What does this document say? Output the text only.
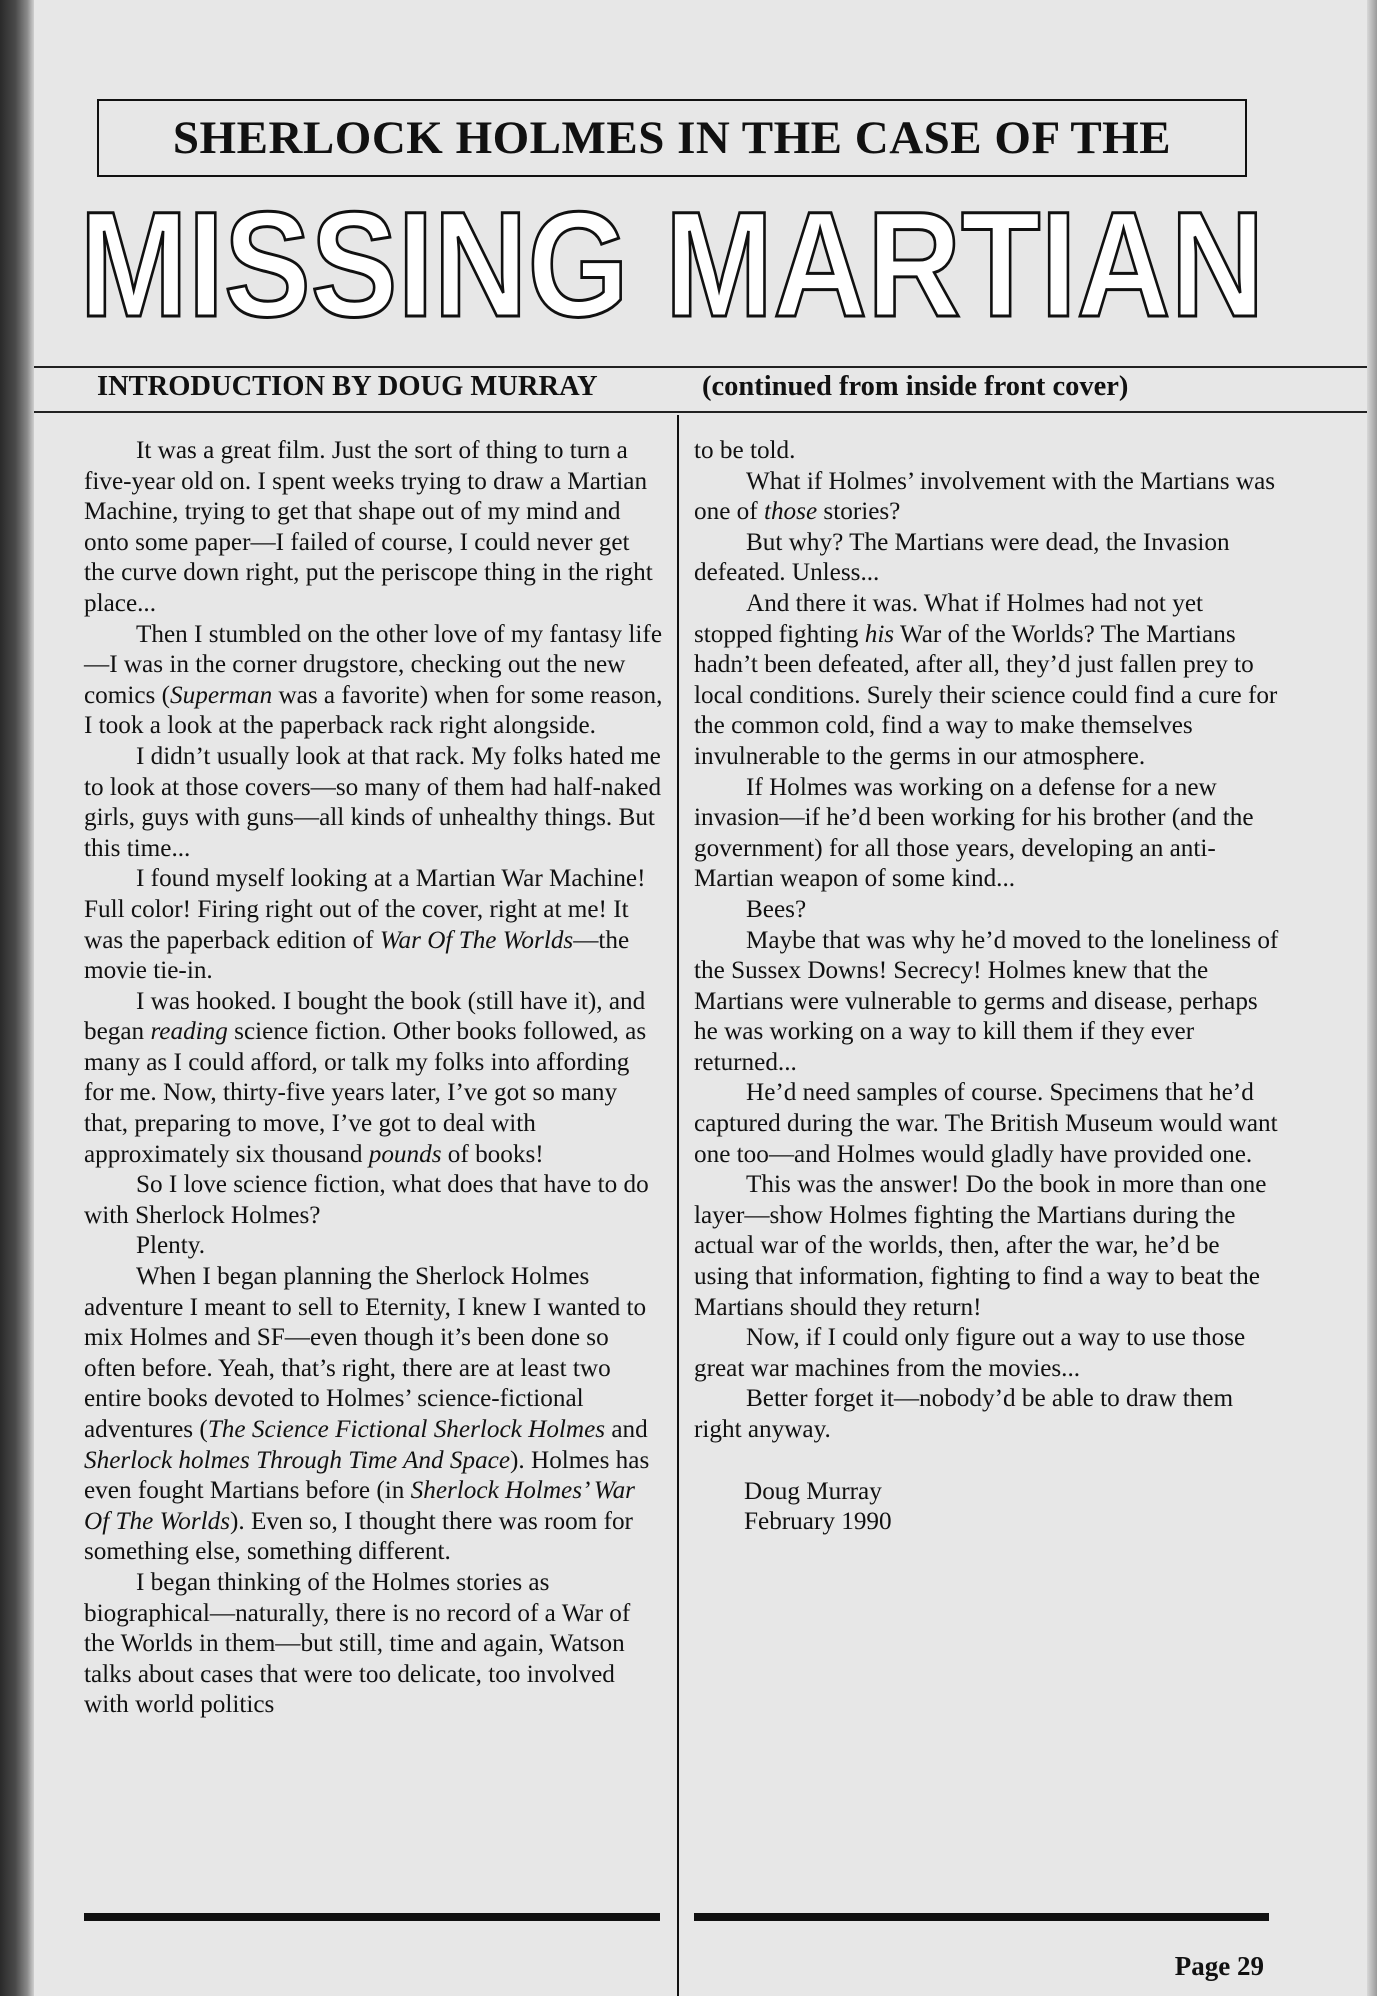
SHERLOCK HOLMES IN THE CASE OF THE
MISSING MARTIAN
INTRODUCTION BY DOUG MURRAY	(continued from inside front cover)

It was a great film. Just the sort of thing to turn a five-year old on. I spent weeks trying to draw a Martian Machine, trying to get that shape out of my mind and onto some paper—I failed of course, I could never get the curve down right, put the periscope thing in the right place...

Then I stumbled on the other love of my fantasy life—I was in the corner drugstore, checking out the new comics (Superman was a favorite) when for some reason, I took a look at the paperback rack right alongside.

I didn’t usually look at that rack. My folks hated me to look at those covers—so many of them had half-naked girls, guys with guns—all kinds of unhealthy things. But this time...

I found myself looking at a Martian War Machine! Full color! Firing right out of the cover, right at me! It was the paperback edition of War Of The Worlds—the movie tie-in.

I was hooked. I bought the book (still have it), and began reading science fiction. Other books followed, as many as I could afford, or talk my folks into affording for me. Now, thirty-five years later, I’ve got so many that, preparing to move, I’ve got to deal with approximately six thousand pounds of books!

So I love science fiction, what does that have to do with Sherlock Holmes?

Plenty.

When I began planning the Sherlock Holmes adventure I meant to sell to Eternity, I knew I wanted to mix Holmes and SF—even though it’s been done so often before. Yeah, that’s right, there are at least two entire books devoted to Holmes’ science-fictional adventures (The Science Fictional Sherlock Holmes and Sherlock holmes Through Time And Space). Holmes has even fought Martians before (in Sherlock Holmes’ War Of The Worlds). Even so, I thought there was room for something else, something different.

I began thinking of the Holmes stories as biographical—naturally, there is no record of a War of the Worlds in them—but still, time and again, Watson talks about cases that were too delicate, too involved with world politics

to be told.

What if Holmes’ involvement with the Martians was one of those stories?

But why? The Martians were dead, the Invasion defeated. Unless...

And there it was. What if Holmes had not yet stopped fighting his War of the Worlds? The Martians hadn’t been defeated, after all, they’d just fallen prey to local conditions. Surely their science could find a cure for the common cold, find a way to make themselves invulnerable to the germs in our atmosphere.

If Holmes was working on a defense for a new invasion—if he’d been working for his brother (and the government) for all those years, developing an anti-Martian weapon of some kind...

Bees?

Maybe that was why he’d moved to the loneliness of the Sussex Downs! Secrecy! Holmes knew that the Martians were vulnerable to germs and disease, perhaps he was working on a way to kill them if they ever returned...

He’d need samples of course. Specimens that he’d captured during the war. The British Museum would want one too—and Holmes would gladly have provided one.

This was the answer! Do the book in more than one layer—show Holmes fighting the Martians during the actual war of the worlds, then, after the war, he’d be using that information, fighting to find a way to beat the Martians should they return!

Now, if I could only figure out a way to use those great war machines from the movies...

Better forget it—nobody’d be able to draw them right anyway.

Doug Murray

February 1990

Page 29
